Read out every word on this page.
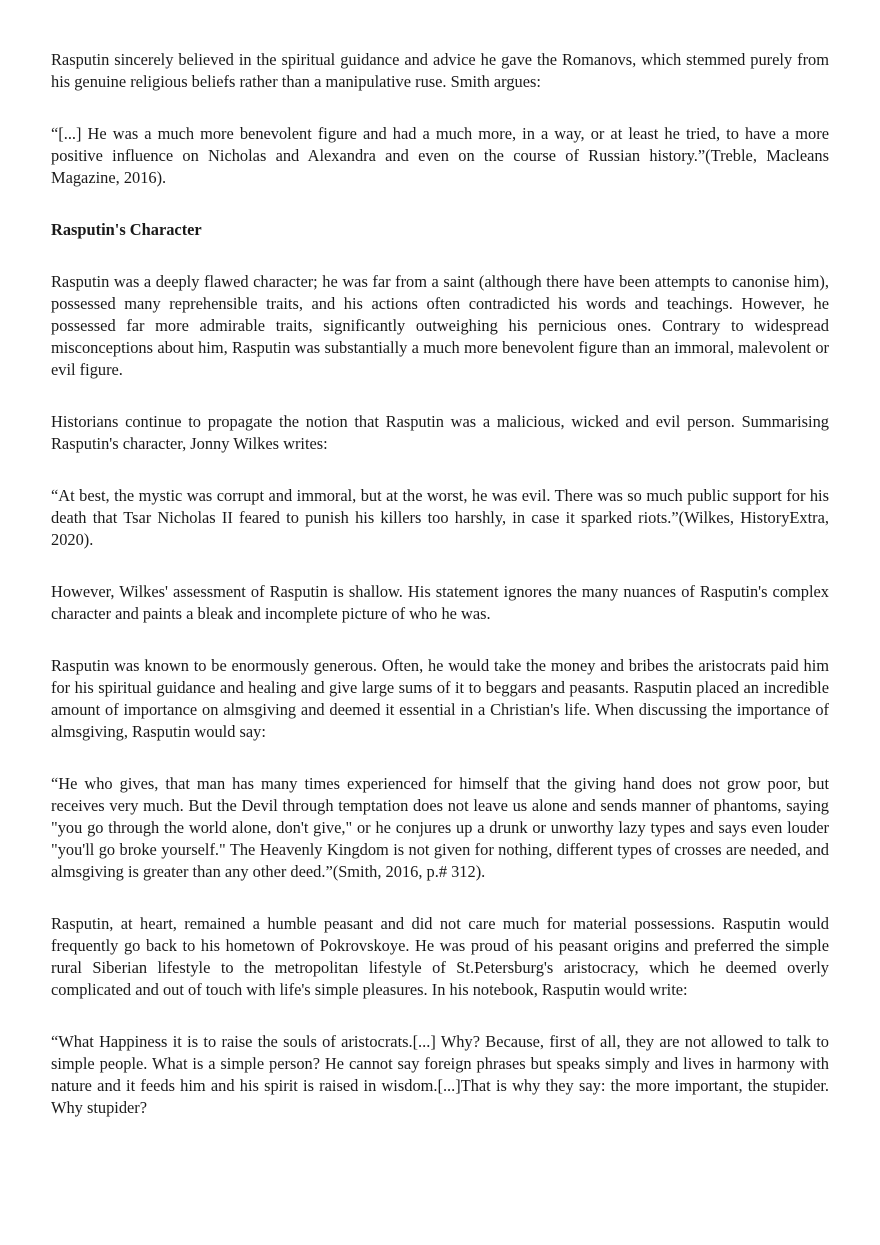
Rasputin sincerely believed in the spiritual guidance and advice he gave the Romanovs, which stemmed purely from his genuine religious beliefs rather than a manipulative ruse. Smith argues:

“[...] He was a much more benevolent figure and had a much more, in a way, or at least he tried, to have a more positive influence on Nicholas and Alexandra and even on the course of Russian history.”(Treble, Macleans Magazine, 2016).

Rasputin's Character

Rasputin was a deeply flawed character; he was far from a saint (although there have been attempts to canonise him), possessed many reprehensible traits, and his actions often contradicted his words and teachings. However, he possessed far more admirable traits, significantly outweighing his pernicious ones. Contrary to widespread misconceptions about him, Rasputin was substantially a much more benevolent figure than an immoral, malevolent or evil figure.

Historians continue to propagate the notion that Rasputin was a malicious, wicked and evil person. Summarising Rasputin's character, Jonny Wilkes writes:

“At best, the mystic was corrupt and immoral, but at the worst, he was evil. There was so much public support for his death that Tsar Nicholas II feared to punish his killers too harshly, in case it sparked riots.”(Wilkes, HistoryExtra, 2020).

However, Wilkes' assessment of Rasputin is shallow. His statement ignores the many nuances of Rasputin's complex character and paints a bleak and incomplete picture of who he was.

Rasputin was known to be enormously generous. Often, he would take the money and bribes the aristocrats paid him for his spiritual guidance and healing and give large sums of it to beggars and peasants. Rasputin placed an incredible amount of importance on almsgiving and deemed it essential in a Christian's life. When discussing the importance of almsgiving, Rasputin would say:

“He who gives, that man has many times experienced for himself that the giving hand does not grow poor, but receives very much. But the Devil through temptation does not leave us alone and sends manner of phantoms, saying "you go through the world alone, don't give," or he conjures up a drunk or unworthy lazy types and says even louder "you'll go broke yourself." The Heavenly Kingdom is not given for nothing, different types of crosses are needed, and almsgiving is greater than any other deed.”(Smith, 2016, p.# 312).

Rasputin, at heart, remained a humble peasant and did not care much for material possessions. Rasputin would frequently go back to his hometown of Pokrovskoye. He was proud of his peasant origins and preferred the simple rural Siberian lifestyle to the metropolitan lifestyle of St.Petersburg's aristocracy, which he deemed overly complicated and out of touch with life's simple pleasures. In his notebook, Rasputin would write:

“What Happiness it is to raise the souls of aristocrats.[...] Why? Because, first of all, they are not allowed to talk to simple people. What is a simple person? He cannot say foreign phrases but speaks simply and lives in harmony with nature and it feeds him and his spirit is raised in wisdom.[...]That is why they say: the more important, the stupider. Why stupider?
